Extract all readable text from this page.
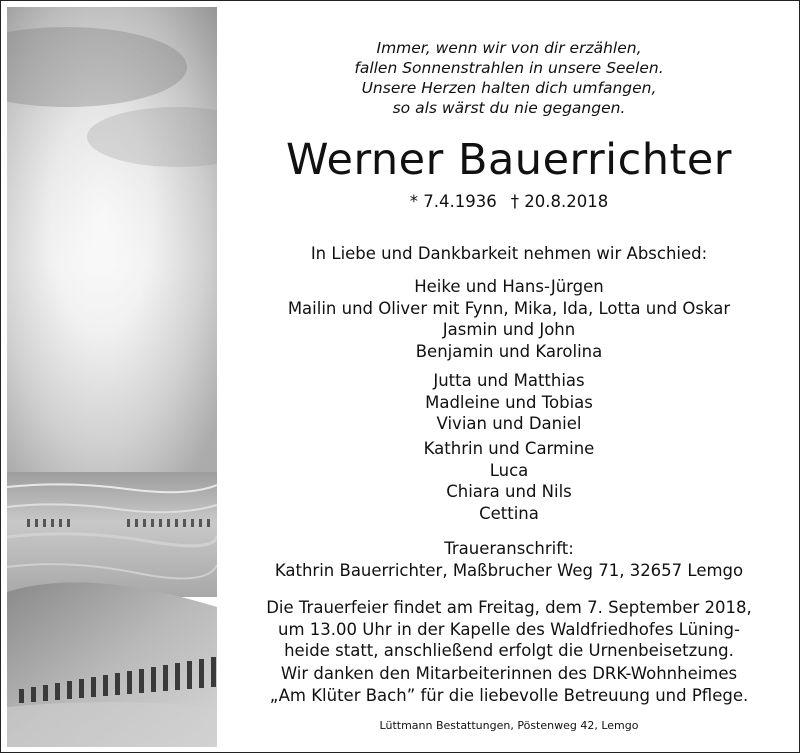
Immer, wenn wir von dir erzählen,
fallen Sonnenstrahlen in unsere Seelen.
Unsere Herzen halten dich umfangen,
so als wärst du nie gegangen.
Werner Bauerrichter
* 7.4.1936 † 20.8.2018
In Liebe und Dankbarkeit nehmen wir Abschied:
Heike und Hans-Jürgen
Mailin und Oliver mit Fynn, Mika, Ida, Lotta und Oskar
Jasmin und John
Benjamin und Karolina
Jutta und Matthias
Madleine und Tobias
Vivian und Daniel
Kathrin und Carmine
Luca
Chiara und Nils
Cettina
Traueranschrift:
Kathrin Bauerrichter, Maßbrucher Weg 71, 32657 Lemgo
Die Trauerfeier findet am Freitag, dem 7. September 2018,
um 13.00 Uhr in der Kapelle des Waldfriedhofes Lüning-
heide statt, anschließend erfolgt die Urnenbeisetzung.
Wir danken den Mitarbeiterinnen des DRK-Wohnheimes
„Am Klüter Bach” für die liebevolle Betreuung und Pflege.
Lüttmann Bestattungen, Pöstenweg 42, Lemgo
